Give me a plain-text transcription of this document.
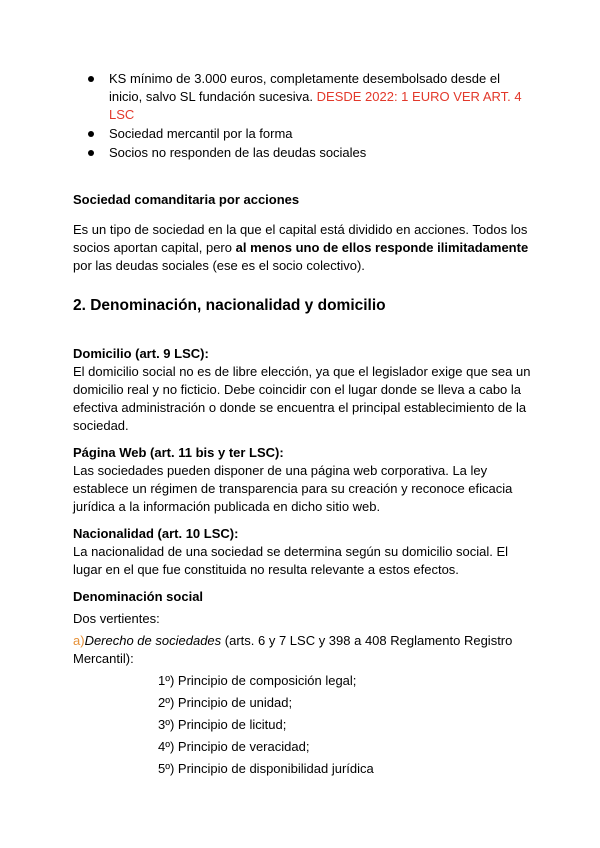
KS mínimo de 3.000 euros, completamente desembolsado desde el inicio, salvo SL fundación sucesiva. DESDE 2022: 1 EURO VER ART. 4 LSC
Sociedad mercantil por la forma
Socios no responden de las deudas sociales

Sociedad comanditaria por acciones

Es un tipo de sociedad en la que el capital está dividido en acciones. Todos los socios aportan capital, pero al menos uno de ellos responde ilimitadamente por las deudas sociales (ese es el socio colectivo).

2. Denominación, nacionalidad y domicilio

Domicilio (art. 9 LSC):

El domicilio social no es de libre elección, ya que el legislador exige que sea un domicilio real y no ficticio. Debe coincidir con el lugar donde se lleva a cabo la efectiva administración o donde se encuentra el principal establecimiento de la sociedad.

Página Web (art. 11 bis y ter LSC):

Las sociedades pueden disponer de una página web corporativa. La ley establece un régimen de transparencia para su creación y reconoce eficacia jurídica a la información publicada en dicho sitio web.

Nacionalidad (art. 10 LSC):

La nacionalidad de una sociedad se determina según su domicilio social. El lugar en el que fue constituida no resulta relevante a estos efectos.

Denominación social

Dos vertientes:

a)Derecho de sociedades (arts. 6 y 7 LSC y 398 a 408 Reglamento Registro Mercantil):

1º) Principio de composición legal;
2º) Principio de unidad;
3º) Principio de licitud;
4º) Principio de veracidad;
5º) Principio de disponibilidad jurídica
